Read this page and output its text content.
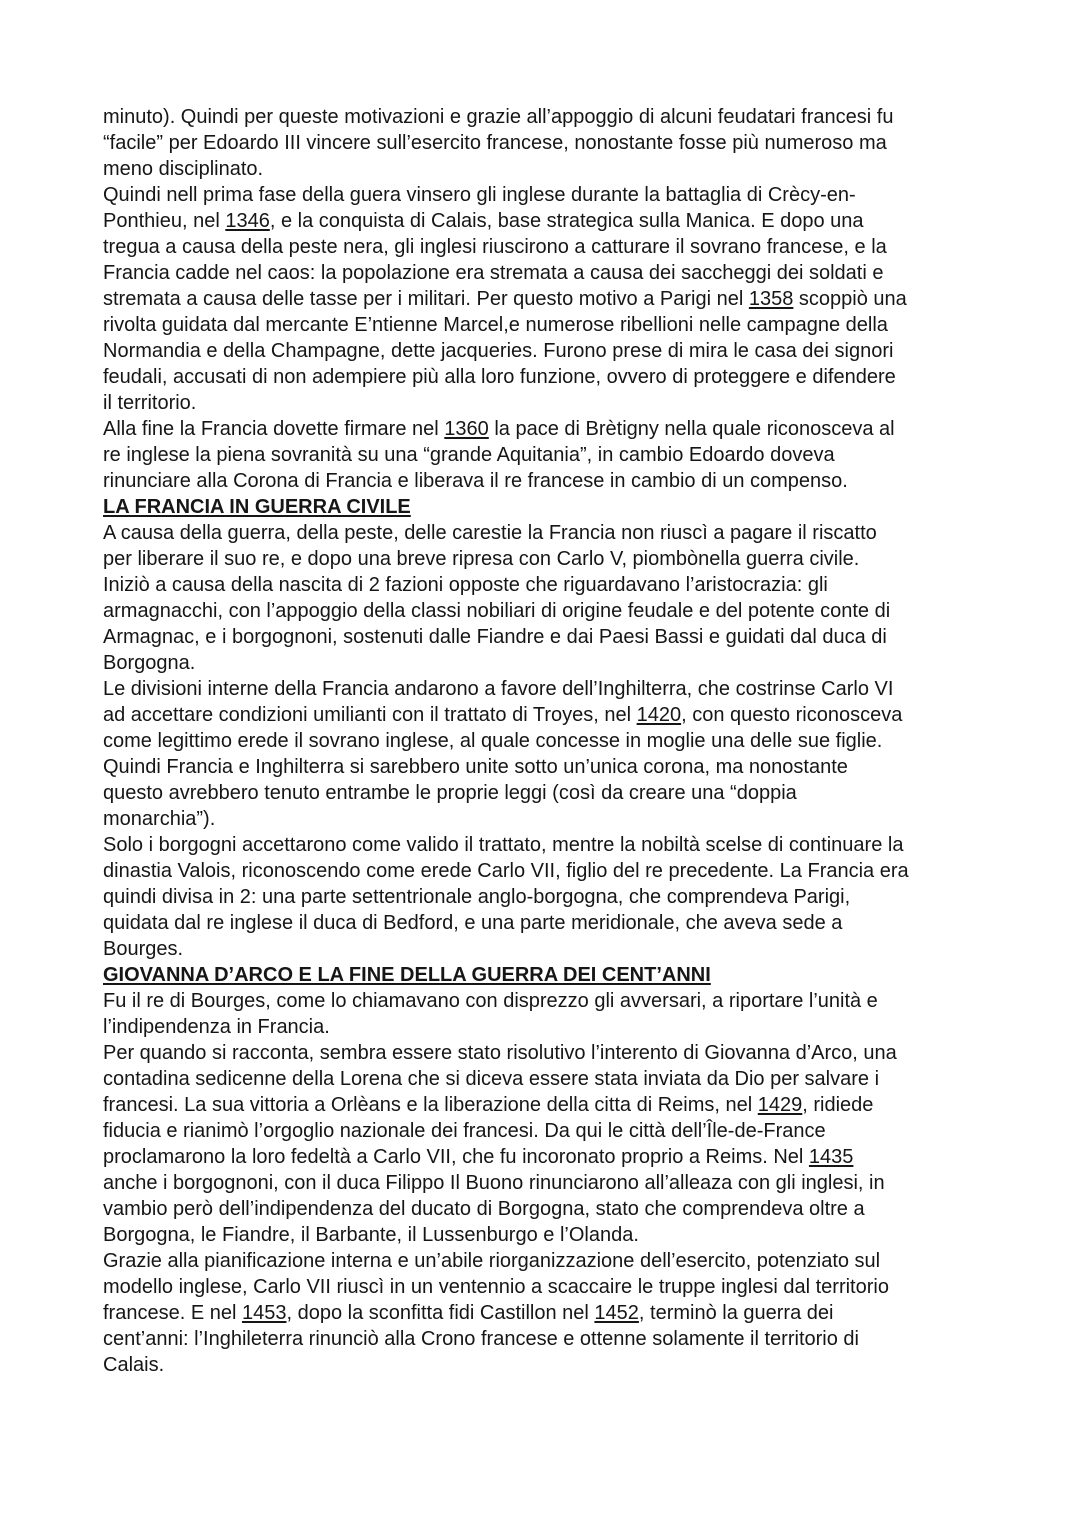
minuto). Quindi per queste motivazioni e grazie all’appoggio di alcuni feudatari francesi fu
“facile” per Edoardo III vincere sull’esercito francese, nonostante fosse più numeroso ma
meno disciplinato.
Quindi nell prima fase della guera vinsero gli inglese durante la battaglia di Crècy-en-
Ponthieu, nel 1346, e la conquista di Calais, base strategica sulla Manica. E dopo una
tregua a causa della peste nera, gli inglesi riuscirono a catturare il sovrano francese, e la
Francia cadde nel caos: la popolazione era stremata a causa dei saccheggi dei soldati e
stremata a causa delle tasse per i militari. Per questo motivo a Parigi nel 1358 scoppiò una
rivolta guidata dal mercante E’ntienne Marcel,e numerose ribellioni nelle campagne della
Normandia e della Champagne, dette jacqueries. Furono prese di mira le casa dei signori
feudali, accusati di non adempiere più alla loro funzione, ovvero di proteggere e difendere
il territorio.
Alla fine la Francia dovette firmare nel 1360 la pace di Brètigny nella quale riconosceva al
re inglese la piena sovranità su una “grande Aquitania”, in cambio Edoardo doveva
rinunciare alla Corona di Francia e liberava il re francese in cambio di un compenso.
LA FRANCIA IN GUERRA CIVILE
A causa della guerra, della peste, delle carestie la Francia non riuscì a pagare il riscatto
per liberare il suo re, e dopo una breve ripresa con Carlo V, piombònella guerra civile.
Iniziò a causa della nascita di 2 fazioni opposte che riguardavano l’aristocrazia: gli
armagnacchi, con l’appoggio della classi nobiliari di origine feudale e del potente conte di
Armagnac, e i borgognoni, sostenuti dalle Fiandre e dai Paesi Bassi e guidati dal duca di
Borgogna.
Le divisioni interne della Francia andarono a favore dell’Inghilterra, che costrinse Carlo VI
ad accettare condizioni umilianti con il trattato di Troyes, nel 1420, con questo riconosceva
come legittimo erede il sovrano inglese, al quale concesse in moglie una delle sue figlie.
Quindi Francia e Inghilterra si sarebbero unite sotto un’unica corona, ma nonostante
questo avrebbero tenuto entrambe le proprie leggi (così da creare una “doppia
monarchia”).
Solo i borgogni accettarono come valido il trattato, mentre la nobiltà scelse di continuare la
dinastia Valois, riconoscendo come erede Carlo VII, figlio del re precedente. La Francia era
quindi divisa in 2: una parte settentrionale anglo-borgogna, che comprendeva Parigi,
quidata dal re inglese il duca di Bedford, e una parte meridionale, che aveva sede a
Bourges.
GIOVANNA D’ARCO E LA FINE DELLA GUERRA DEI CENT’ANNI
Fu il re di Bourges, come lo chiamavano con disprezzo gli avversari, a riportare l’unità e
l’indipendenza in Francia.
Per quando si racconta, sembra essere stato risolutivo l’interento di Giovanna d’Arco, una
contadina sedicenne della Lorena che si diceva essere stata inviata da Dio per salvare i
francesi. La sua vittoria a Orlèans e la liberazione della citta di Reims, nel 1429, ridiede
fiducia e rianimò l’orgoglio nazionale dei francesi. Da qui le città dell’Île-de-France
proclamarono la loro fedeltà a Carlo VII, che fu incoronato proprio a Reims. Nel 1435
anche i borgognoni, con il duca Filippo Il Buono rinunciarono all’alleaza con gli inglesi, in
vambio però dell’indipendenza del ducato di Borgogna, stato che comprendeva oltre a
Borgogna, le Fiandre, il Barbante, il Lussenburgo e l’Olanda.
Grazie alla pianificazione interna e un’abile riorganizzazione dell’esercito, potenziato sul
modello inglese, Carlo VII riuscì in un ventennio a scaccaire le truppe inglesi dal territorio
francese. E nel 1453, dopo la sconfitta fidi Castillon nel 1452, terminò la guerra dei
cent’anni: l’Inghileterra rinunciò alla Crono francese e ottenne solamente il territorio di
Calais.
